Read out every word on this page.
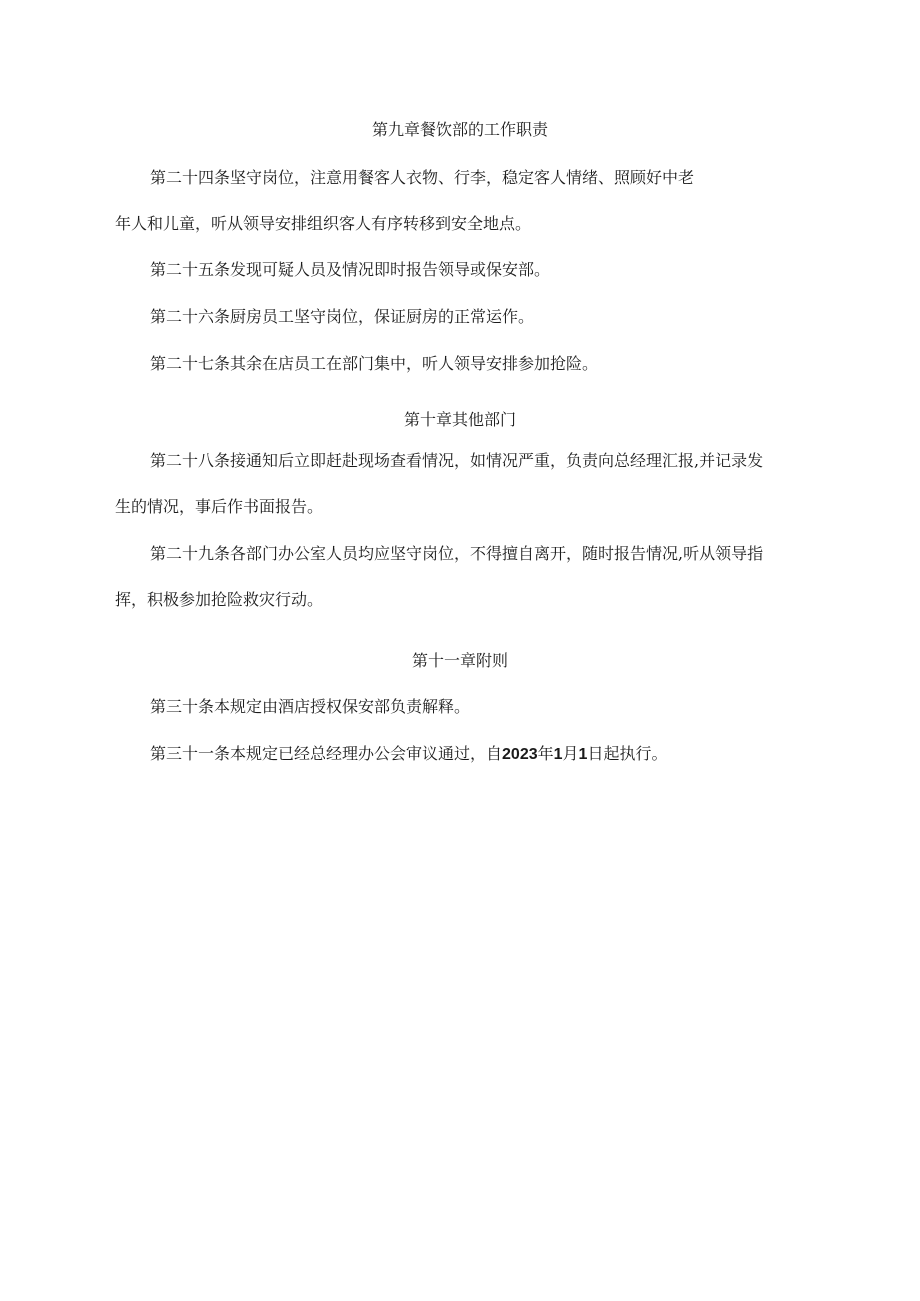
第九章餐饮部的工作职责
第二十四条坚守岗位，注意用餐客人衣物、行李，稳定客人情绪、照顾好中老
年人和儿童，听从领导安排组织客人有序转移到安全地点。
第二十五条发现可疑人员及情况即时报告领导或保安部。
第二十六条厨房员工坚守岗位，保证厨房的正常运作。
第二十七条其余在店员工在部门集中，听人领导安排参加抢险。
第十章其他部门
第二十八条接通知后立即赶赴现场查看情况，如情况严重，负责向总经理汇报,并记录发
生的情况，事后作书面报告。
第二十九条各部门办公室人员均应坚守岗位，不得擅自离开，随时报告情况,听从领导指
挥，积极参加抢险救灾行动。
第十一章附则
第三十条本规定由酒店授权保安部负责解释。
第三十一条本规定已经总经理办公会审议通过，自2023年1月1日起执行。
